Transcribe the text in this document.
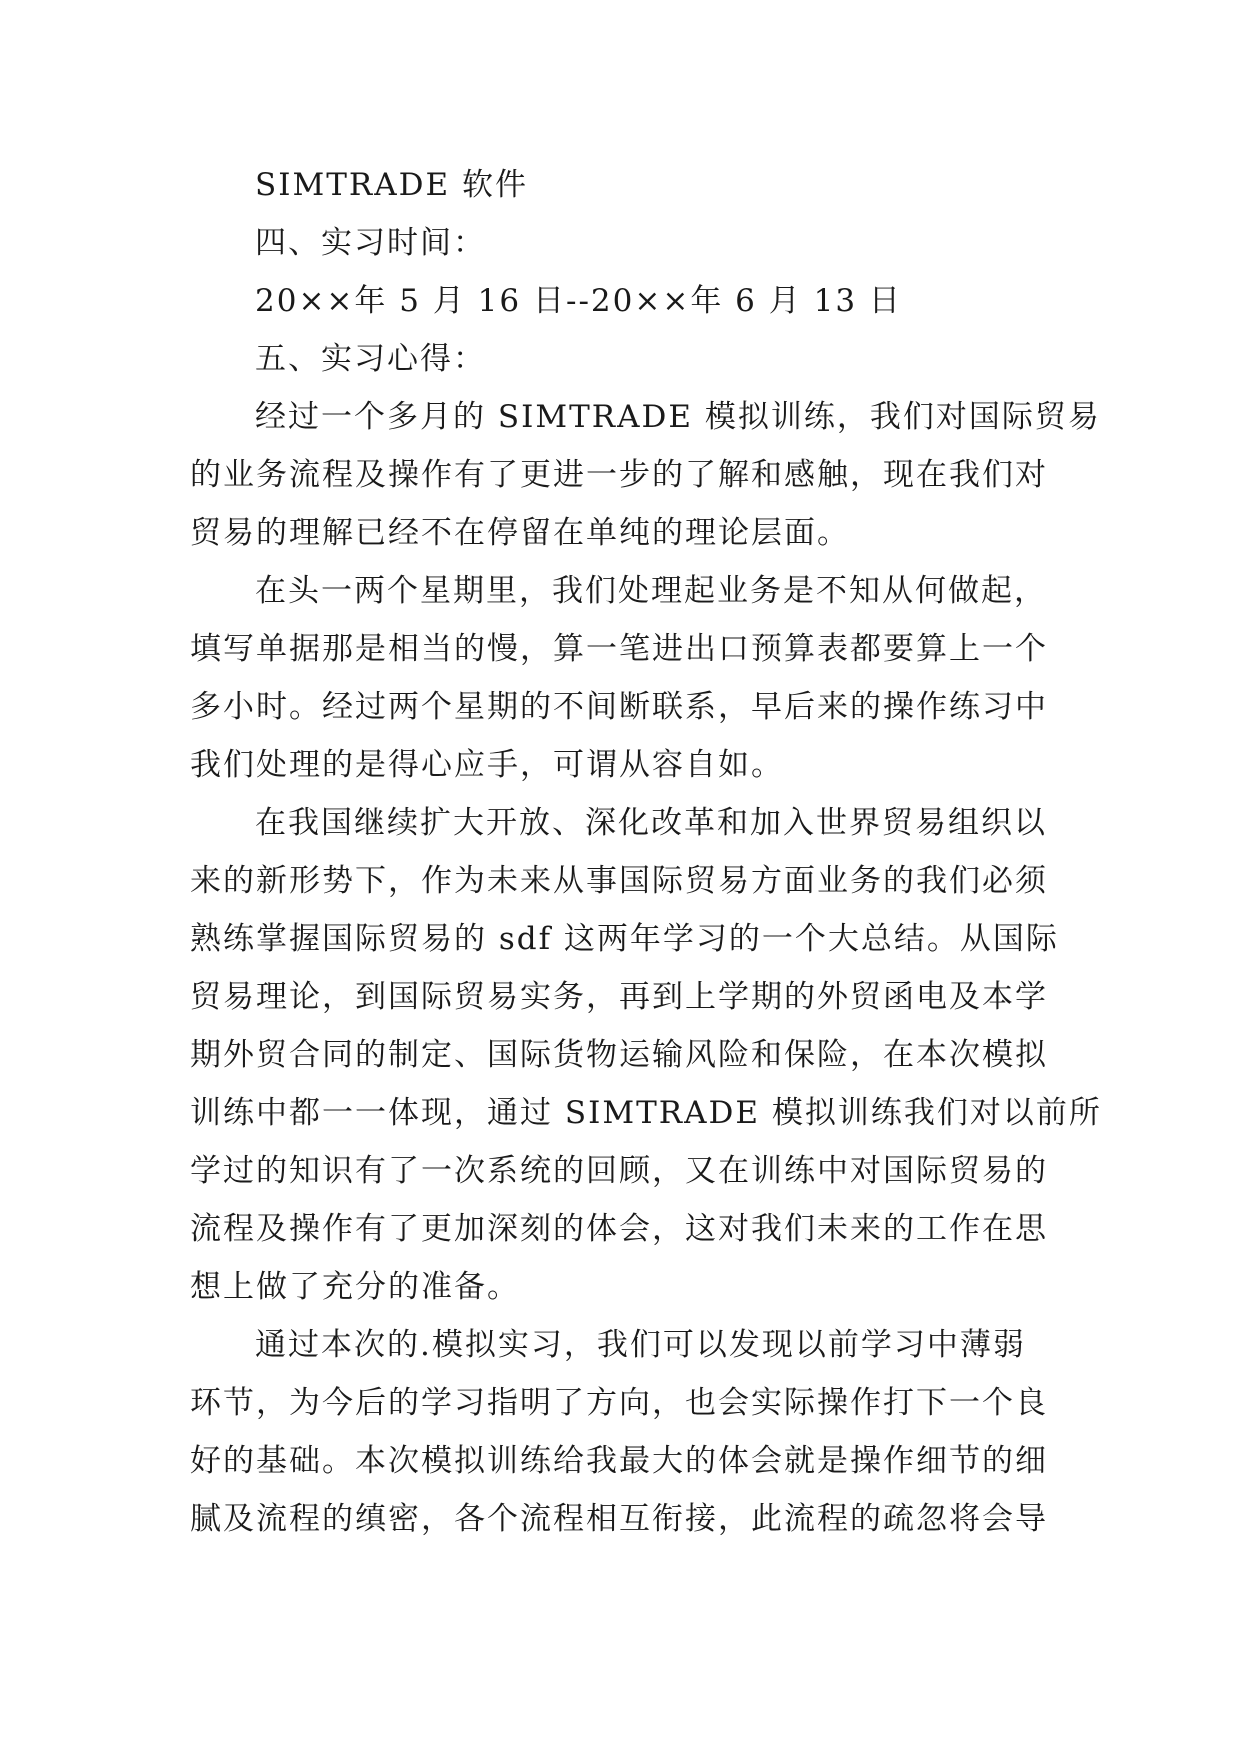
SIMTRADE 软件
四、实习时间：
20××年 5 月 16 日--20××年 6 月 13 日
五、实习心得：
经过一个多月的 SIMTRADE 模拟训练，我们对国际贸易
的业务流程及操作有了更进一步的了解和感触，现在我们对
贸易的理解已经不在停留在单纯的理论层面。
在头一两个星期里，我们处理起业务是不知从何做起，
填写单据那是相当的慢，算一笔进出口预算表都要算上一个
多小时。经过两个星期的不间断联系，早后来的操作练习中
我们处理的是得心应手，可谓从容自如。
在我国继续扩大开放、深化改革和加入世界贸易组织以
来的新形势下，作为未来从事国际贸易方面业务的我们必须
熟练掌握国际贸易的 sdf 这两年学习的一个大总结。从国际
贸易理论，到国际贸易实务，再到上学期的外贸函电及本学
期外贸合同的制定、国际货物运输风险和保险，在本次模拟
训练中都一一体现，通过 SIMTRADE 模拟训练我们对以前所
学过的知识有了一次系统的回顾，又在训练中对国际贸易的
流程及操作有了更加深刻的体会，这对我们未来的工作在思
想上做了充分的准备。
通过本次的.模拟实习，我们可以发现以前学习中薄弱
环节，为今后的学习指明了方向，也会实际操作打下一个良
好的基础。本次模拟训练给我最大的体会就是操作细节的细
腻及流程的缜密，各个流程相互衔接，此流程的疏忽将会导
